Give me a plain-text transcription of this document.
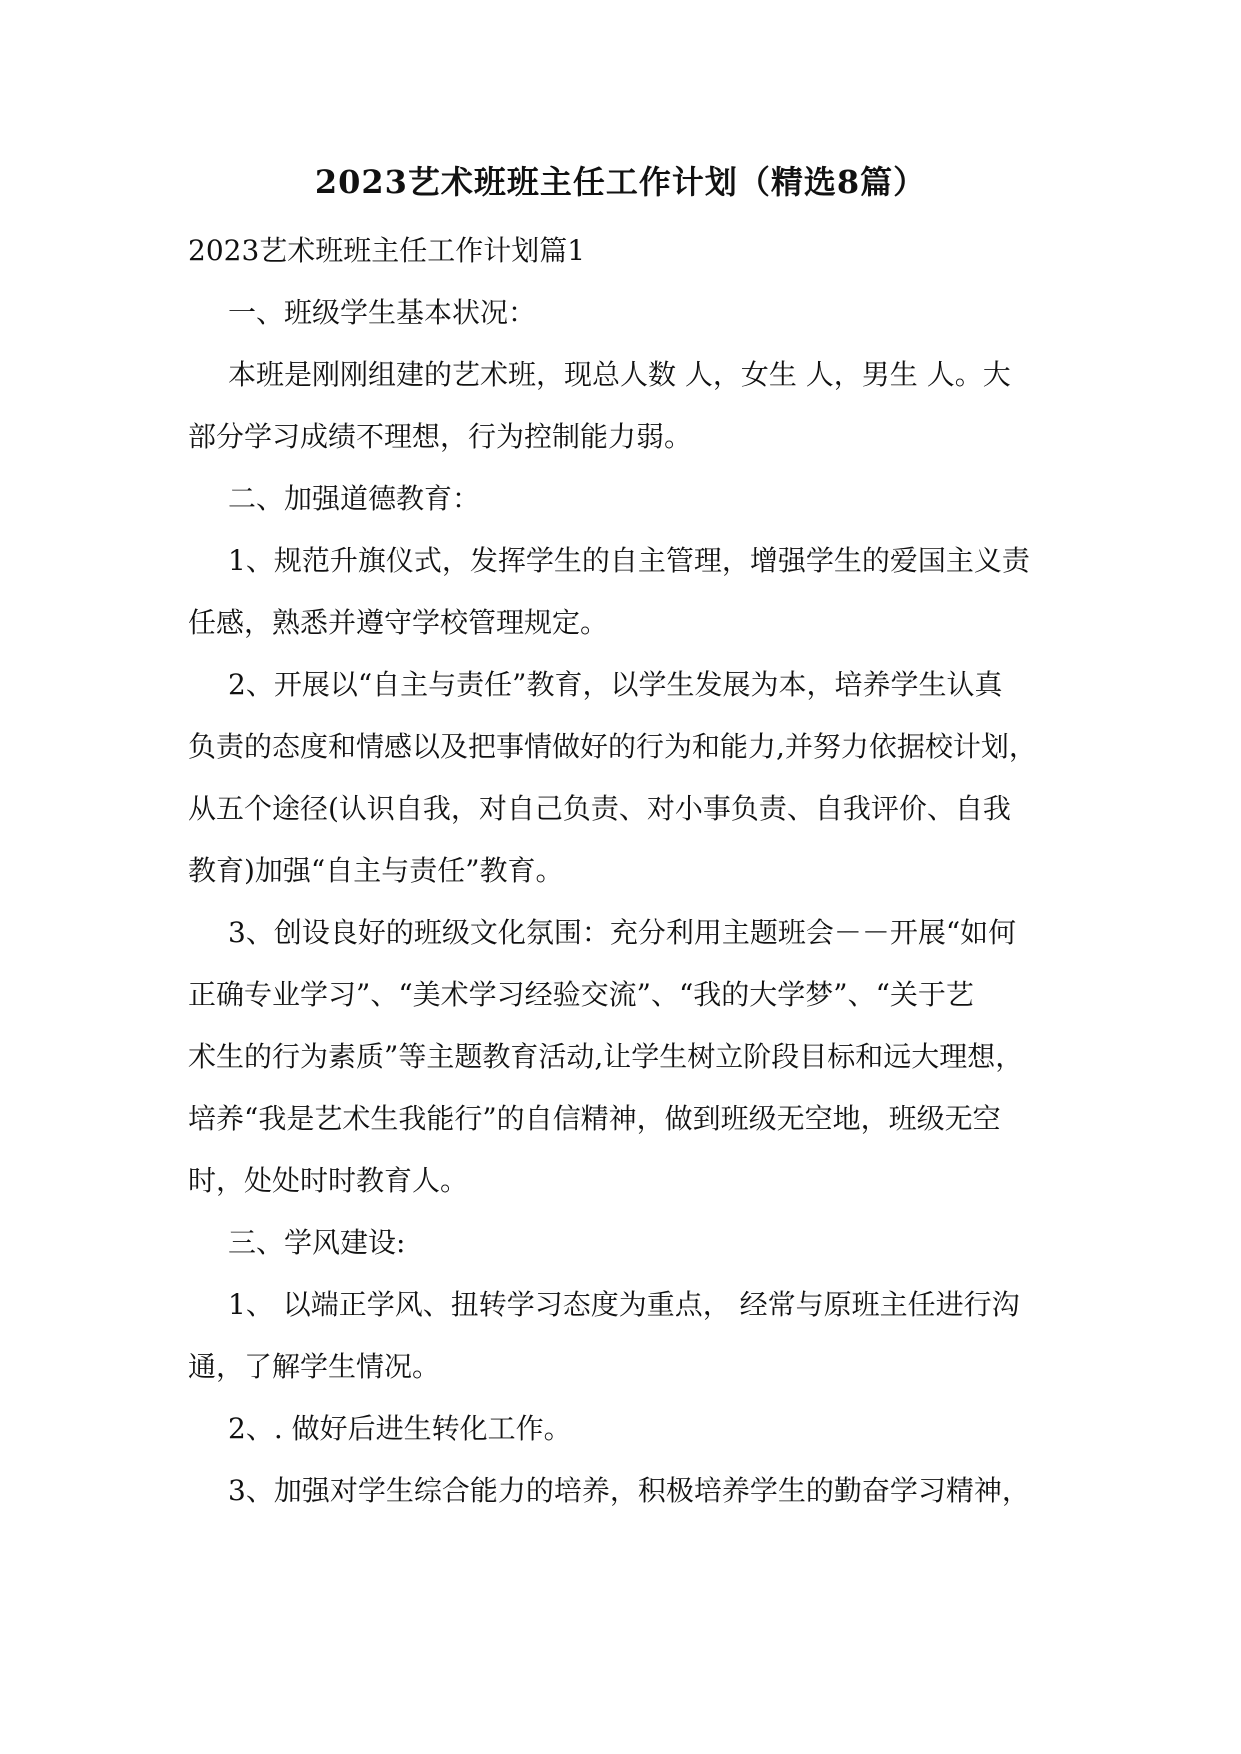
2023艺术班班主任工作计划（精选8篇）

2023艺术班班主任工作计划篇1

一、班级学生基本状况：

本班是刚刚组建的艺术班，现总人数 人，女生 人，男生 人。大
部分学习成绩不理想，行为控制能力弱。

二、加强道德教育：

1、规范升旗仪式，发挥学生的自主管理，增强学生的爱国主义责
任感，熟悉并遵守学校管理规定。

2、开展以“自主与责任”教育，以学生发展为本，培养学生认真
负责的态度和情感以及把事情做好的行为和能力,并努力依据校计划，
从五个途径(认识自我，对自己负责、对小事负责、自我评价、自我
教育)加强“自主与责任”教育。

3、创设良好的班级文化氛围：充分利用主题班会－－开展“如何
正确专业学习”、“美术学习经验交流”、“我的大学梦”、“关于艺
术生的行为素质”等主题教育活动,让学生树立阶段目标和远大理想，
培养“我是艺术生我能行”的自信精神，做到班级无空地，班级无空
时，处处时时教育人。

三、学风建设:

1、 以端正学风、扭转学习态度为重点， 经常与原班主任进行沟
通，了解学生情况。

2、. 做好后进生转化工作。

3、加强对学生综合能力的培养，积极培养学生的勤奋学习精神，
